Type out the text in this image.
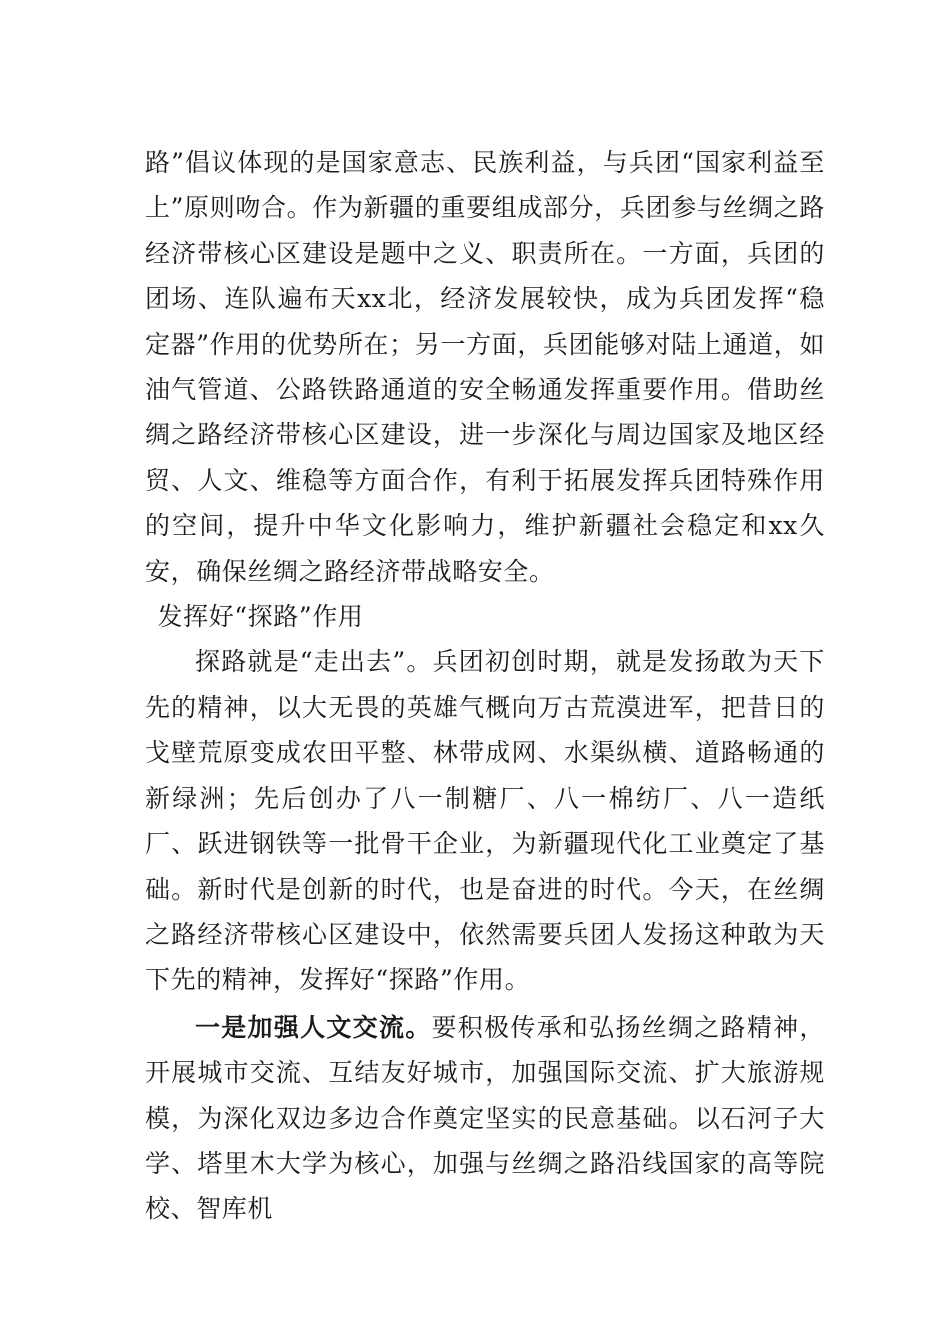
路”倡议体现的是国家意志、民族利益，与兵团“国家利益至上”原则吻合。作为新疆的重要组成部分，兵团参与丝绸之路经济带核心区建设是题中之义、职责所在。一方面，兵团的团场、连队遍布天xx北，经济发展较快，成为兵团发挥“稳定器”作用的优势所在；另一方面，兵团能够对陆上通道，如油气管道、公路铁路通道的安全畅通发挥重要作用。借助丝绸之路经济带核心区建设，进一步深化与周边国家及地区经贸、人文、维稳等方面合作，有利于拓展发挥兵团特殊作用的空间，提升中华文化影响力，维护新疆社会稳定和xx久安，确保丝绸之路经济带战略安全。

发挥好“探路”作用

探路就是“走出去”。兵团初创时期，就是发扬敢为天下先的精神，以大无畏的英雄气概向万古荒漠进军，把昔日的戈壁荒原变成农田平整、林带成网、水渠纵横、道路畅通的新绿洲；先后创办了八一制糖厂、八一棉纺厂、八一造纸厂、跃进钢铁等一批骨干企业，为新疆现代化工业奠定了基础。新时代是创新的时代，也是奋进的时代。今天，在丝绸之路经济带核心区建设中，依然需要兵团人发扬这种敢为天下先的精神，发挥好“探路”作用。

一是加强人文交流。要积极传承和弘扬丝绸之路精神，开展城市交流、互结友好城市，加强国际交流、扩大旅游规模，为深化双边多边合作奠定坚实的民意基础。以石河子大学、塔里木大学为核心，加强与丝绸之路沿线国家的高等院校、智库机
